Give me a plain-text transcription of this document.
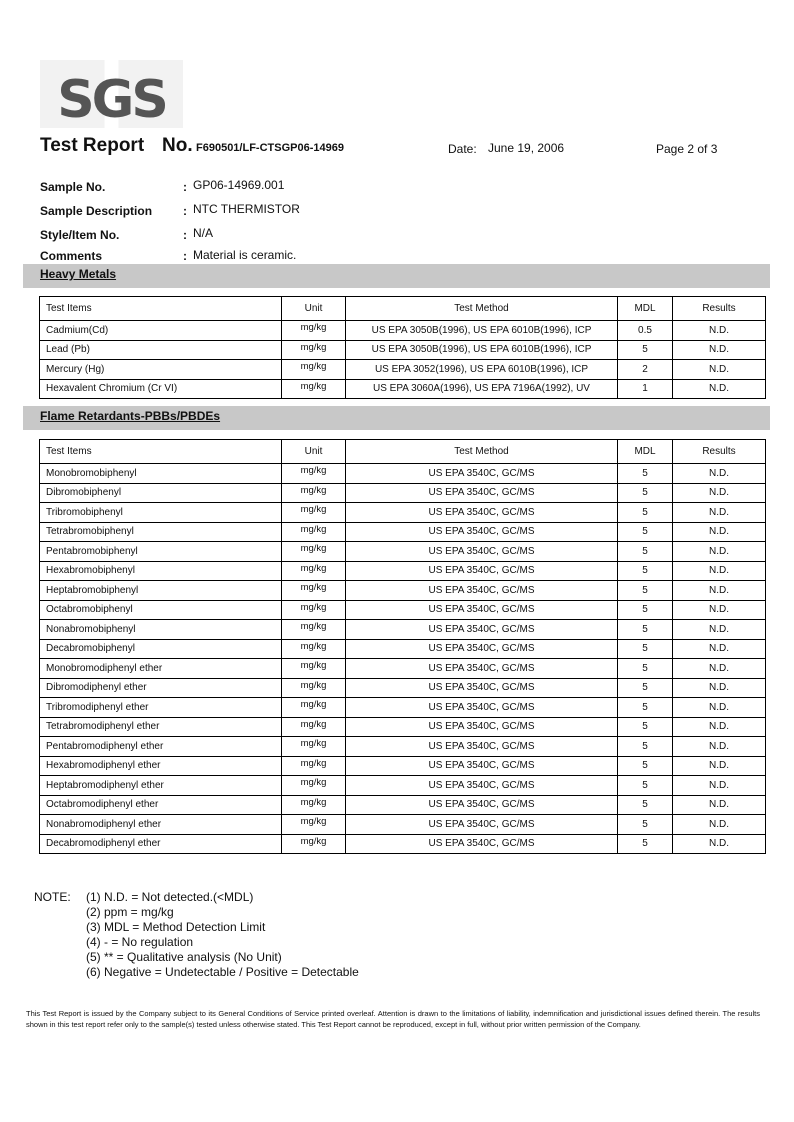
SGS
Test Report No. F690501/LF-CTSGP06-14969	Date: June 19, 2006	Page 2 of 3
Sample No.	: GP06-14969.001
Sample Description	: NTC THERMISTOR
Style/Item No.	: N/A
Comments	: Material is ceramic.
Heavy Metals
Test Items	Unit	Test Method	MDL	Results
Cadmium(Cd)	mg/kg	US EPA 3050B(1996), US EPA 6010B(1996), ICP	0.5	N.D.
Lead (Pb)	mg/kg	US EPA 3050B(1996), US EPA 6010B(1996), ICP	5	N.D.
Mercury (Hg)	mg/kg	US EPA 3052(1996), US EPA 6010B(1996), ICP	2	N.D.
Hexavalent Chromium (Cr VI)	mg/kg	US EPA 3060A(1996), US EPA 7196A(1992), UV	1	N.D.
Flame Retardants-PBBs/PBDEs
Test Items	Unit	Test Method	MDL	Results
Monobromobiphenyl	mg/kg	US EPA 3540C, GC/MS	5	N.D.
Dibromobiphenyl	mg/kg	US EPA 3540C, GC/MS	5	N.D.
Tribromobiphenyl	mg/kg	US EPA 3540C, GC/MS	5	N.D.
Tetrabromobiphenyl	mg/kg	US EPA 3540C, GC/MS	5	N.D.
Pentabromobiphenyl	mg/kg	US EPA 3540C, GC/MS	5	N.D.
Hexabromobiphenyl	mg/kg	US EPA 3540C, GC/MS	5	N.D.
Heptabromobiphenyl	mg/kg	US EPA 3540C, GC/MS	5	N.D.
Octabromobiphenyl	mg/kg	US EPA 3540C, GC/MS	5	N.D.
Nonabromobiphenyl	mg/kg	US EPA 3540C, GC/MS	5	N.D.
Decabromobiphenyl	mg/kg	US EPA 3540C, GC/MS	5	N.D.
Monobromodiphenyl ether	mg/kg	US EPA 3540C, GC/MS	5	N.D.
Dibromodiphenyl ether	mg/kg	US EPA 3540C, GC/MS	5	N.D.
Tribromodiphenyl ether	mg/kg	US EPA 3540C, GC/MS	5	N.D.
Tetrabromodiphenyl ether	mg/kg	US EPA 3540C, GC/MS	5	N.D.
Pentabromodiphenyl ether	mg/kg	US EPA 3540C, GC/MS	5	N.D.
Hexabromodiphenyl ether	mg/kg	US EPA 3540C, GC/MS	5	N.D.
Heptabromodiphenyl ether	mg/kg	US EPA 3540C, GC/MS	5	N.D.
Octabromodiphenyl ether	mg/kg	US EPA 3540C, GC/MS	5	N.D.
Nonabromodiphenyl ether	mg/kg	US EPA 3540C, GC/MS	5	N.D.
Decabromodiphenyl ether	mg/kg	US EPA 3540C, GC/MS	5	N.D.
NOTE: (1) N.D. = Not detected.(<MDL)
(2) ppm = mg/kg
(3) MDL = Method Detection Limit
(4) - = No regulation
(5) ** = Qualitative analysis (No Unit)
(6) Negative = Undetectable / Positive = Detectable
This Test Report is issued by the Company subject to its General Conditions of Service printed overleaf. Attention is drawn to the limitations of liability, indemnification and jurisdictional issues defined therein. The results shown in this test report refer only to the sample(s) tested unless otherwise stated. This Test Report cannot be reproduced, except in full, without prior written permission of the Company.
